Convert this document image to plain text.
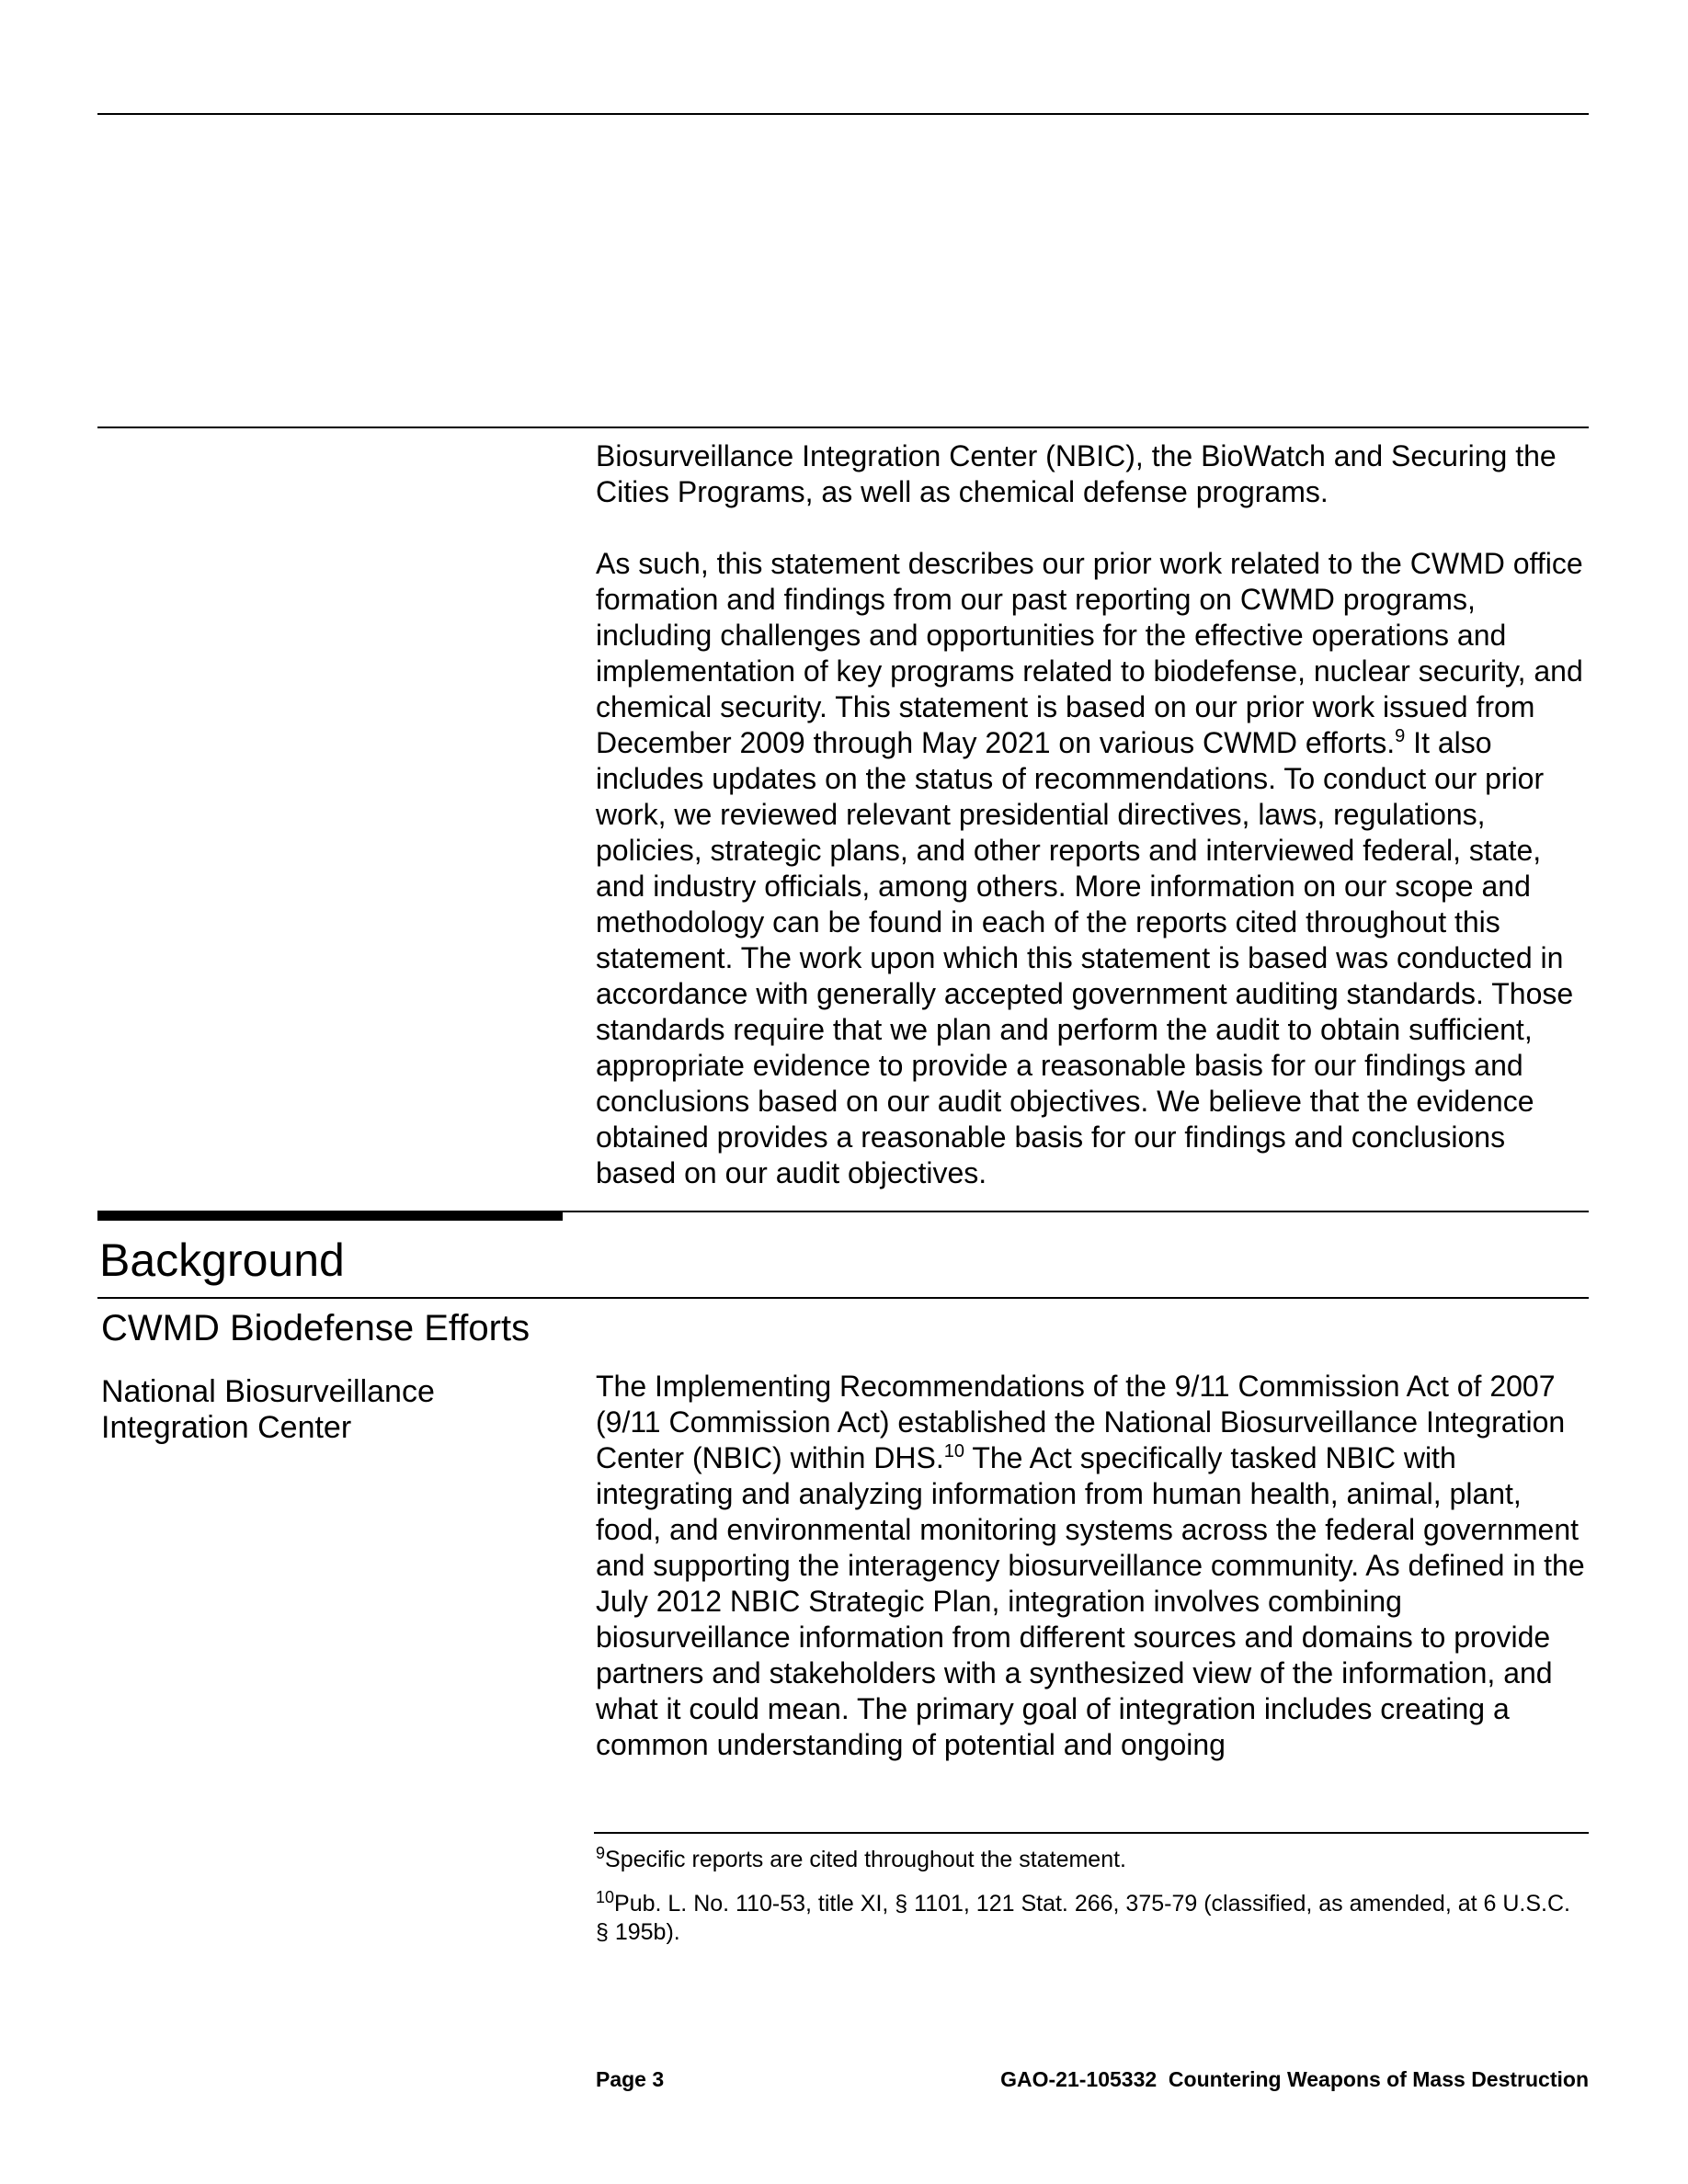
Biosurveillance Integration Center (NBIC), the BioWatch and Securing the Cities Programs, as well as chemical defense programs.

As such, this statement describes our prior work related to the CWMD office formation and findings from our past reporting on CWMD programs, including challenges and opportunities for the effective operations and implementation of key programs related to biodefense, nuclear security, and chemical security. This statement is based on our prior work issued from December 2009 through May 2021 on various CWMD efforts.$^9$ It also includes updates on the status of recommendations. To conduct our prior work, we reviewed relevant presidential directives, laws, regulations, policies, strategic plans, and other reports and interviewed federal, state, and industry officials, among others. More information on our scope and methodology can be found in each of the reports cited throughout this statement. The work upon which this statement is based was conducted in accordance with generally accepted government auditing standards. Those standards require that we plan and perform the audit to obtain sufficient, appropriate evidence to provide a reasonable basis for our findings and conclusions based on our audit objectives. We believe that the evidence obtained provides a reasonable basis for our findings and conclusions based on our audit objectives.

Background
CWMD Biodefense Efforts
National Biosurveillance Integration Center

The Implementing Recommendations of the 9/11 Commission Act of 2007 (9/11 Commission Act) established the National Biosurveillance Integration Center (NBIC) within DHS.$^{10}$ The Act specifically tasked NBIC with integrating and analyzing information from human health, animal, plant, food, and environmental monitoring systems across the federal government and supporting the interagency biosurveillance community. As defined in the July 2012 NBIC Strategic Plan, integration involves combining biosurveillance information from different sources and domains to provide partners and stakeholders with a synthesized view of the information, and what it could mean. The primary goal of integration includes creating a common understanding of potential and ongoing

$^9$Specific reports are cited throughout the statement.

$^{10}$Pub. L. No. 110-53, title XI, § 1101, 121 Stat. 266, 375-79 (classified, as amended, at 6 U.S.C. § 195b).

Page 3	GAO-21-105332  Countering Weapons of Mass Destruction
